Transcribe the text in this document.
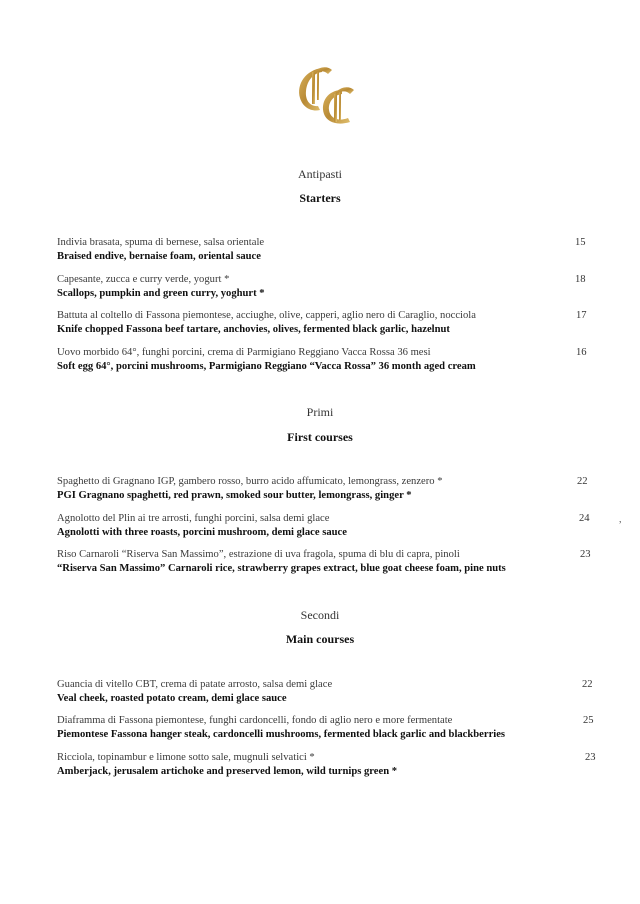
Antipasti
Starters
Indivia brasata, spuma di bernese, salsa orientale
Braised endive, bernaise foam, oriental sauce
15
Capesante, zucca e curry verde, yogurt *
Scallops, pumpkin and green curry, yoghurt *
18
Battuta al coltello di Fassona piemontese, acciughe, olive, capperi, aglio nero di Caraglio, nocciola
Knife chopped Fassona beef tartare, anchovies, olives, fermented black garlic, hazelnut
17
Uovo morbido 64°, funghi porcini, crema di Parmigiano Reggiano Vacca Rossa 36 mesi
Soft egg 64°, porcini mushrooms, Parmigiano Reggiano “Vacca Rossa” 36 month aged cream
16
Primi
First courses
Spaghetto di Gragnano IGP, gambero rosso, burro acido affumicato, lemongrass, zenzero *
PGI Gragnano spaghetti, red prawn, smoked sour butter, lemongrass, ginger *
22
Agnolotto del Plin ai tre arrosti, funghi porcini, salsa demi glace
Agnolotti with three roasts, porcini mushroom, demi glace sauce
24
Riso Carnaroli “Riserva San Massimo”, estrazione di uva fragola, spuma di blu di capra, pinoli
“Riserva San Massimo” Carnaroli rice, strawberry grapes extract, blue goat cheese foam, pine nuts
23
Secondi
Main courses
Guancia di vitello CBT, crema di patate arrosto, salsa demi glace
Veal cheek, roasted potato cream, demi glace sauce
22
Diaframma di Fassona piemontese, funghi cardoncelli, fondo di aglio nero e more fermentate
Piemontese Fassona hanger steak, cardoncelli mushrooms, fermented black garlic and blackberries
25
Ricciola, topinambur e limone sotto sale, mugnuli selvatici *
Amberjack, jerusalem artichoke and preserved lemon, wild turnips green *
23
,
